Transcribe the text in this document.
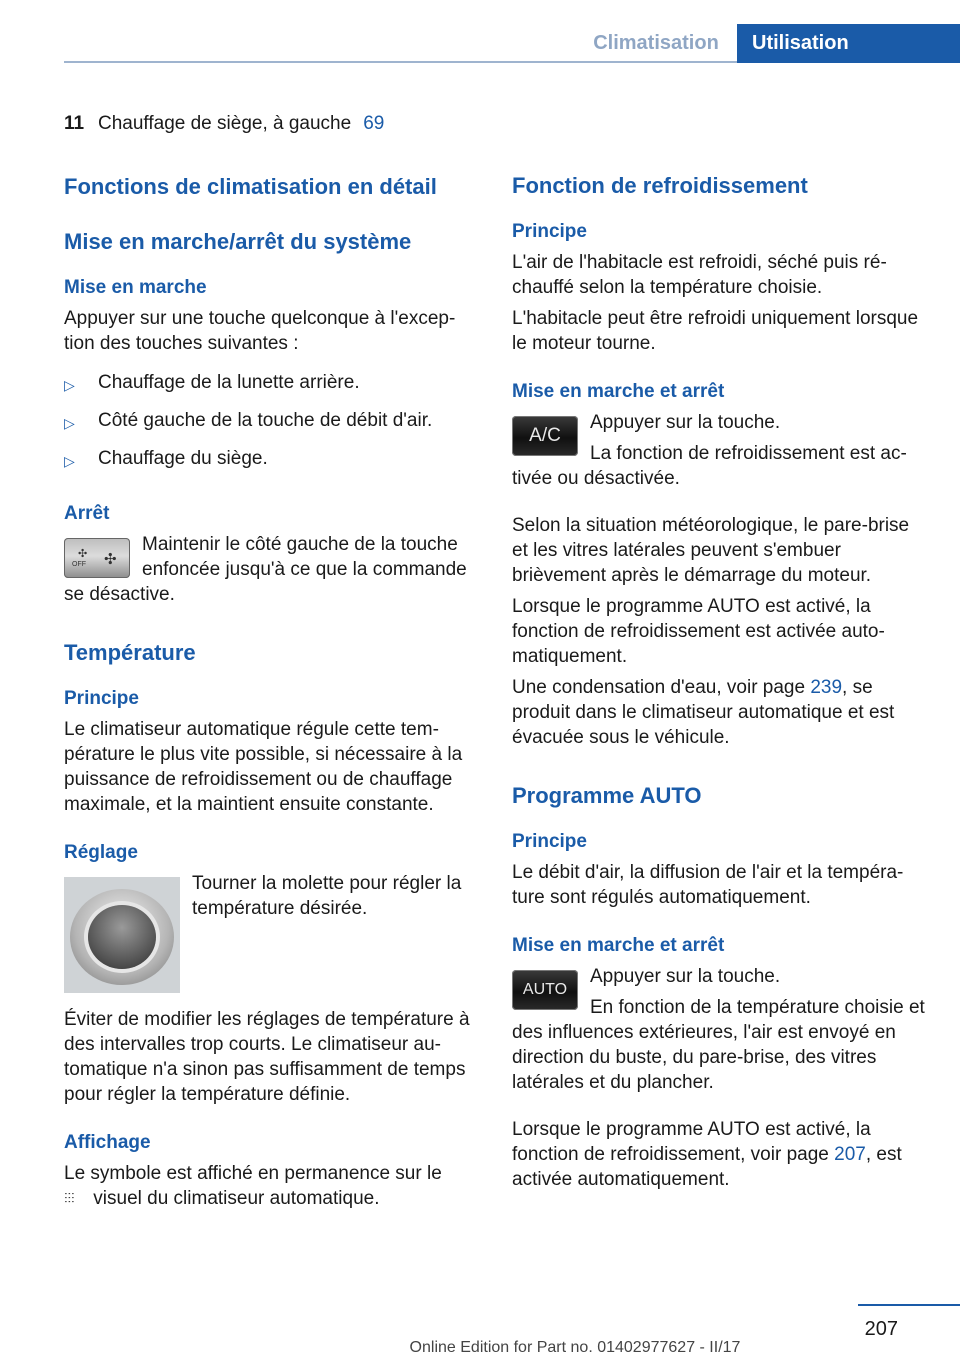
Climatisation	Utilisation
11 Chauffage de siège, à gauche 69
Fonctions de climatisation en détail
Mise en marche/arrêt du système
Mise en marche

Appuyer sur une touche quelconque à l'exception des touches suivantes :

▷ Chauffage de la lunette arrière.
▷ Côté gauche de la touche de débit d'air.
▷ Chauffage du siège.
Arrêt
✣
OFF ✣

Maintenir le côté gauche de la touche enfoncée jusqu'à ce que la commande se désactive.

Température
Principe

Le climatiseur automatique régule cette température le plus vite possible, si nécessaire à la puissance de refroidissement ou de chauffage maximale, et la maintient ensuite constante.

Réglage

Tourner la molette pour régler la température désirée.

Éviter de modifier les réglages de température à des intervalles trop courts. Le climatiseur automatique n'a sinon pas suffisamment de temps pour régler la température définie.

Affichage

Le symbole est affiché en permanence sur le
⫶⫶⫶ visuel du climatiseur automatique.

Fonction de refroidissement
Principe

L'air de l'habitacle est refroidi, séché puis réchauffé selon la température choisie.

L'habitacle peut être refroidi uniquement lorsque le moteur tourne.

Mise en marche et arrêt
A/C

Appuyer sur la touche.

La fonction de refroidissement est activée ou désactivée.

Selon la situation météorologique, le pare-brise et les vitres latérales peuvent s'embuer brièvement après le démarrage du moteur.

Lorsque le programme AUTO est activé, la fonction de refroidissement est activée automatiquement.

Une condensation d'eau, voir page 239, se produit dans le climatiseur automatique et est évacuée sous le véhicule.

Programme AUTO
Principe

Le débit d'air, la diffusion de l'air et la température sont régulés automatiquement.

Mise en marche et arrêt
AUTO

Appuyer sur la touche.

En fonction de la température choisie et des influences extérieures, l'air est envoyé en direction du buste, du pare-brise, des vitres latérales et du plancher.

Lorsque le programme AUTO est activé, la fonction de refroidissement, voir page 207, est activée automatiquement.

207
Online Edition for Part no. 01402977627 - II/17
